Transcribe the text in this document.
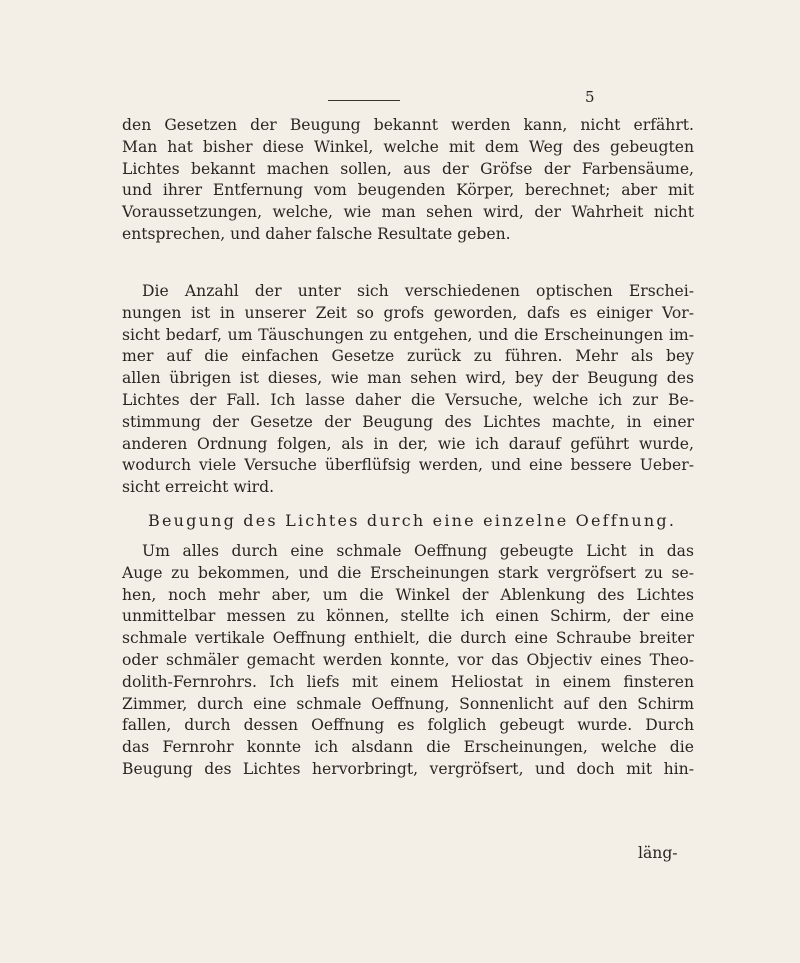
5
den Gesetzen der Beugung bekannt werden kann, nicht erfährt.
Man hat bisher diese Winkel, welche mit dem Weg des gebeugten
Lichtes bekannt machen sollen, aus der Gröfse der Farbensäume,
und ihrer Entfernung vom beugenden Körper, berechnet; aber mit
Voraussetzungen, welche, wie man sehen wird, der Wahrheit nicht
entsprechen, und daher falsche Resultate geben.
Die Anzahl der unter sich verschiedenen optischen Erschei-
nungen ist in unserer Zeit so grofs geworden, dafs es einiger Vor-
sicht bedarf, um Täuschungen zu entgehen, und die Erscheinungen im-
mer auf die einfachen Gesetze zurück zu führen. Mehr als bey
allen übrigen ist dieses, wie man sehen wird, bey der Beugung des
Lichtes der Fall. Ich lasse daher die Versuche, welche ich zur Be-
stimmung der Gesetze der Beugung des Lichtes machte, in einer
anderen Ordnung folgen, als in der, wie ich darauf geführt wurde,
wodurch viele Versuche überflüfsig werden, und eine bessere Ueber-
sicht erreicht wird.
Beugung des Lichtes durch eine einzelne Oeffnung.
Um alles durch eine schmale Oeffnung gebeugte Licht in das
Auge zu bekommen, und die Erscheinungen stark vergröfsert zu se-
hen, noch mehr aber, um die Winkel der Ablenkung des Lichtes
unmittelbar messen zu können, stellte ich einen Schirm, der eine
schmale vertikale Oeffnung enthielt, die durch eine Schraube breiter
oder schmäler gemacht werden konnte, vor das Objectiv eines Theo-
dolith-Fernrohrs. Ich liefs mit einem Heliostat in einem finsteren
Zimmer, durch eine schmale Oeffnung, Sonnenlicht auf den Schirm
fallen, durch dessen Oeffnung es folglich gebeugt wurde. Durch
das Fernrohr konnte ich alsdann die Erscheinungen, welche die
Beugung des Lichtes hervorbringt, vergröfsert, und doch mit hin-
läng-
